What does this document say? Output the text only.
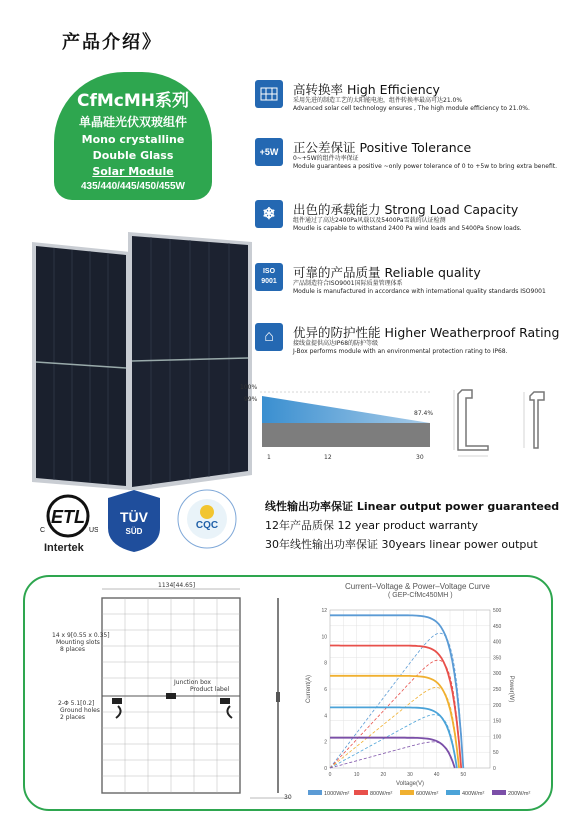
产品介绍》
CfMcMH系列
单晶硅光伏双玻组件
Mono crystalline
Double Glass
Solar Module
435/440/445/450/455W
高转换率 High Efficiency
采用先进的制造工艺的太阳能电池，组件转换率最高可达21.0%
Advanced solar cell technology ensures , The high module efficiency to 21.0%.
+5W	正公差保证 Positive Tolerance
0~+5W的组件功率保证
Module guarantees a positive ~only power tolerance of 0 to +5w to bring extra benefit.
❄	出色的承载能力 Strong Load Capacity
组件通过了高达2400Pa风载以及5400Pa雪载的认证检测
Moudle is capable to withstand 2400 Pa wind loads and 5400Pa Snow loads.
ISO
9001
可靠的产品质量 Reliable quality
产品制造符合ISO9001国际质量管理体系
Module is manufactured in accordance with international quality standards ISO9001
⌂	优异的防护性能 Higher Weatherproof Rating
接线盒提供高达IP68的防护等级
J-Box performs module with an environmental protection rating to IP68.
100%
99%
87.4%
1	12	30
ETL
C	US
Intertek
TÜV
SÜD
CQC
线性输出功率保证 Linear output power guaranteed
12年产品质保 12 year product warranty
30年线性输出功率保证 30years linear power output
1134[44.65]
14 x 9[0.55 x 0.35]
Mounting slots
8 places
Junction box
Product label
2-Φ 5.1[0.2]
Ground holes
2 places
30
Current–Voltage & Power–Voltage Curve
( GEP-CfMc450MH )
0	10	20	30	40	50
0
2
4
6
8
10
12
0
50
100
150
200
250
300
350
400
450
500
Voltage(V)
Current(A)	Power(W)
1000W/m²	800W/m²	600W/m²	400W/m²	200W/m²
